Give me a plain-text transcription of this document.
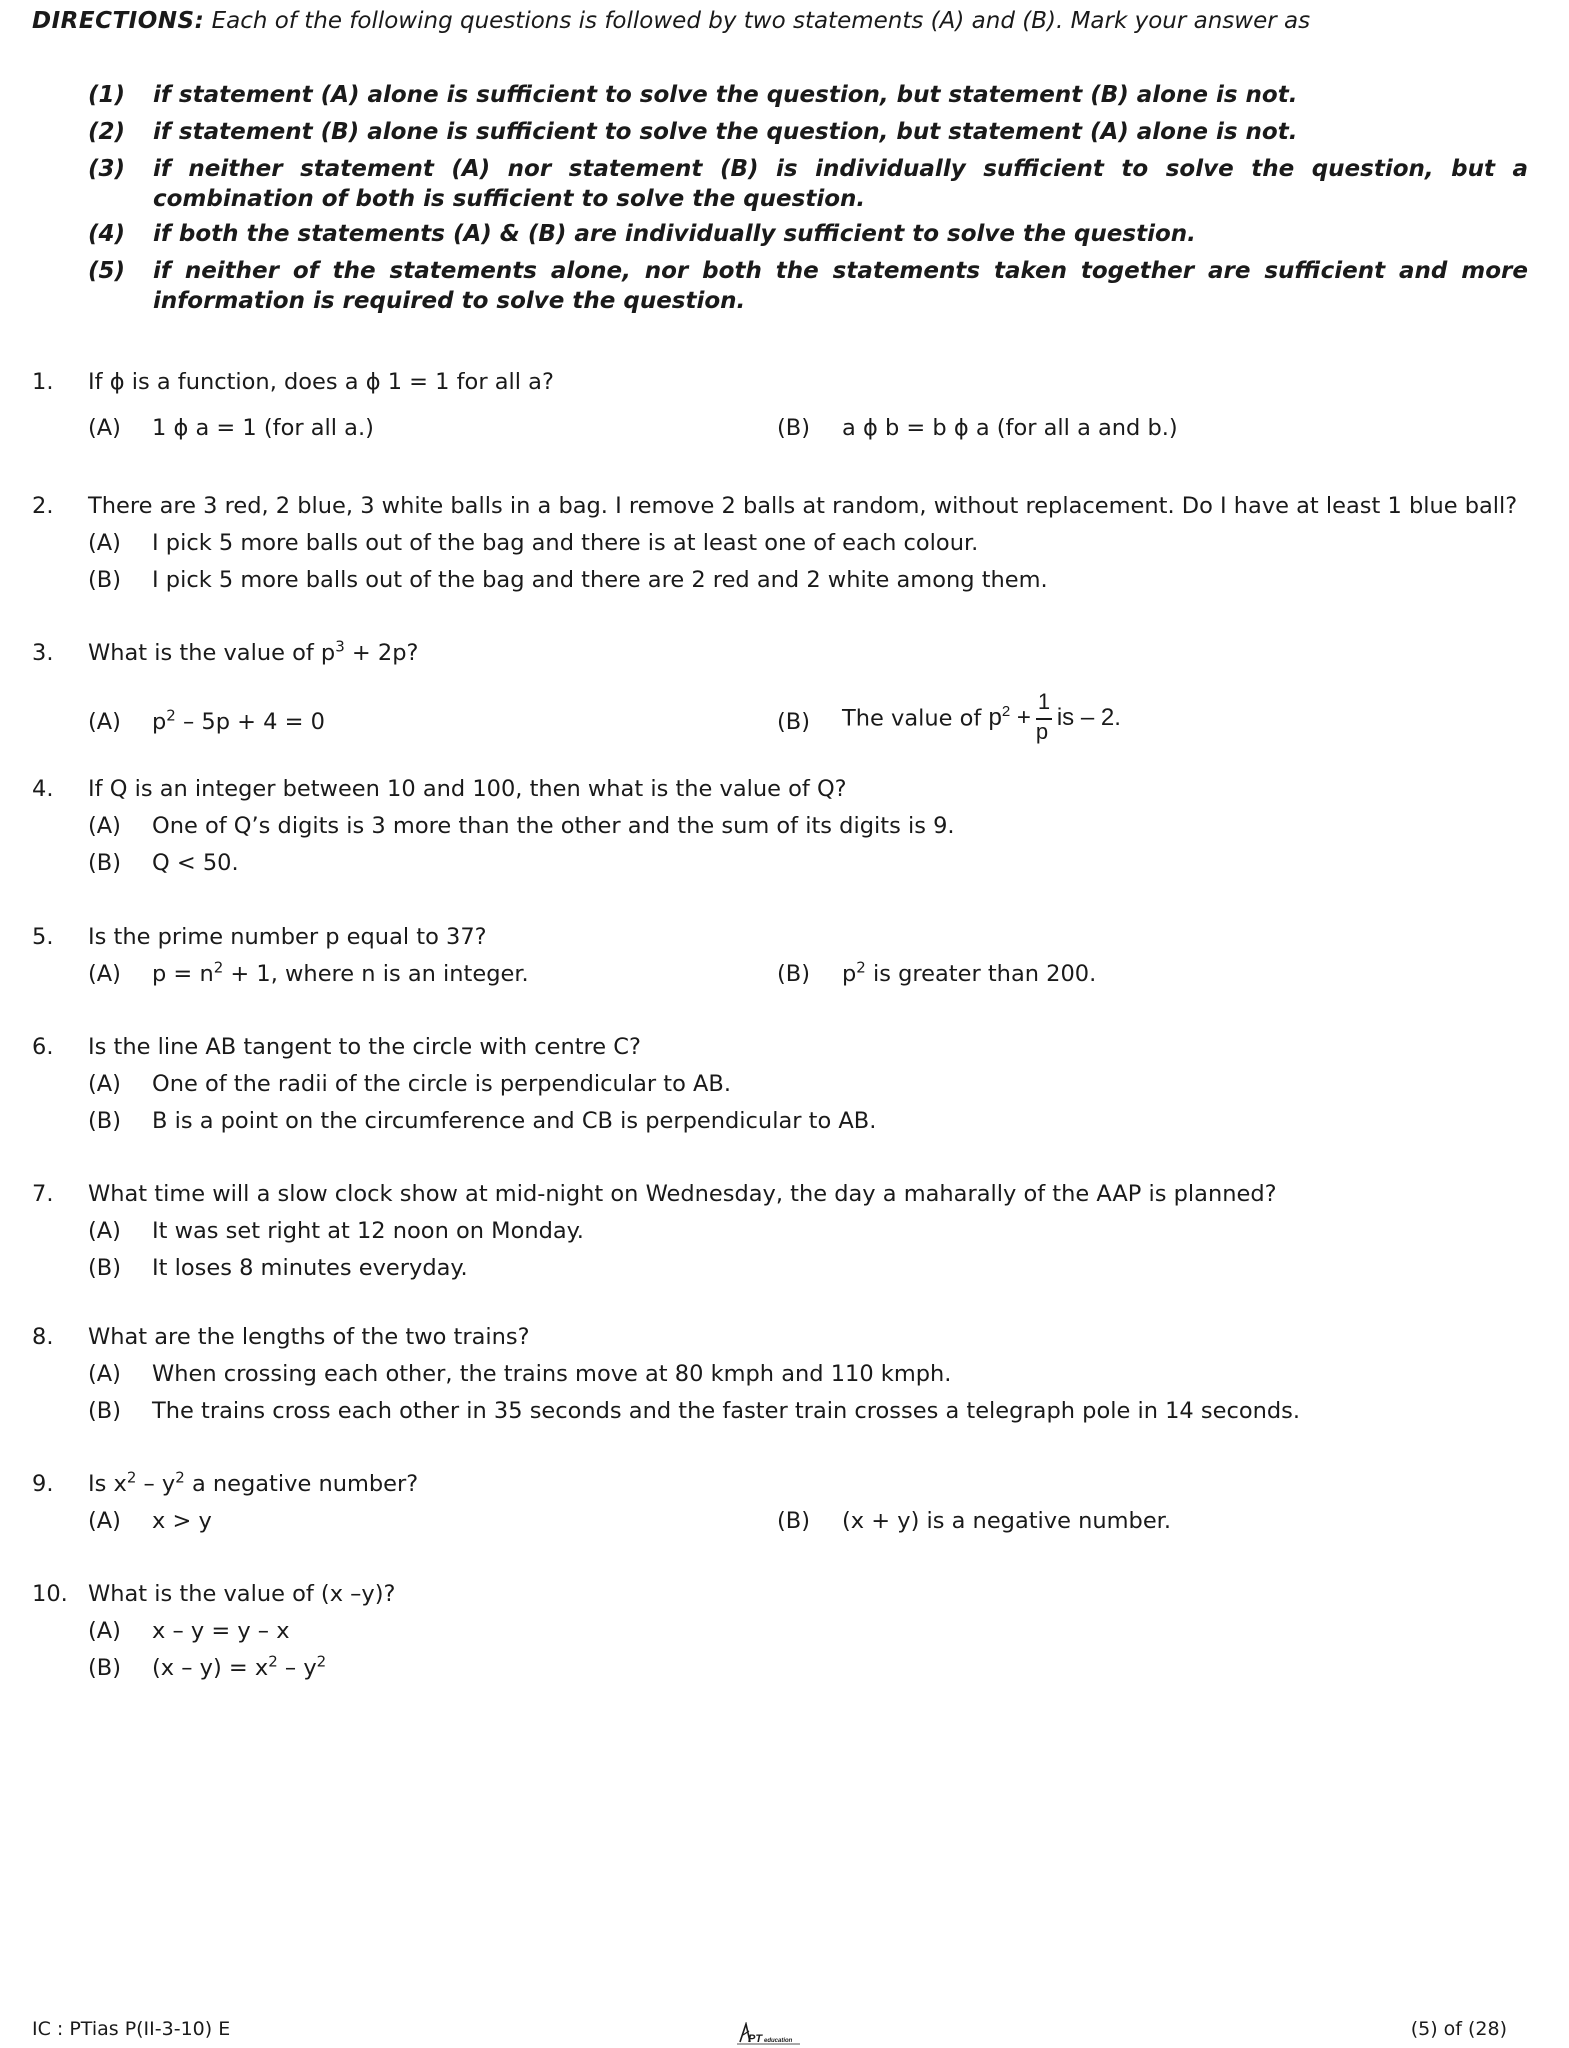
DIRECTIONS: Each of the following questions is followed by two statements (A) and (B). Mark your answer as
(1) if statement (A) alone is sufficient to solve the question, but statement (B) alone is not.
(2) if statement (B) alone is sufficient to solve the question, but statement (A) alone is not.
(3) if neither statement (A) nor statement (B) is individually sufficient to solve the question, but a combination of both is sufficient to solve the question.
(4) if both the statements (A) & (B) are individually sufficient to solve the question.
(5) if neither of the statements alone, nor both the statements taken together are sufficient and more information is required to solve the question.
1. If ϕ is a function, does a ϕ 1 = 1 for all a?
(A) 1 ϕ a = 1 (for all a.)	(B) a ϕ b = b ϕ a (for all a and b.)
2. There are 3 red, 2 blue, 3 white balls in a bag. I remove 2 balls at random, without replacement. Do I have at least 1 blue ball?
(A) I pick 5 more balls out of the bag and there is at least one of each colour.
(B) I pick 5 more balls out of the bag and there are 2 red and 2 white among them.
3. What is the value of $p^3 + 2p$?
(A) $p^2 - 5p + 4 = 0$	(B) The value of $p^2 + \frac{1}{p}$ is – 2.
4. If Q is an integer between 10 and 100, then what is the value of Q?
(A) One of Q’s digits is 3 more than the other and the sum of its digits is 9.
(B) Q < 50.
5. Is the prime number p equal to 37?
(A) $p = n^2 + 1$, where n is an integer.	(B) $p^2$ is greater than 200.
6. Is the line AB tangent to the circle with centre C?
(A) One of the radii of the circle is perpendicular to AB.
(B) B is a point on the circumference and CB is perpendicular to AB.
7. What time will a slow clock show at mid-night on Wednesday, the day a maharally of the AAP is planned?
(A) It was set right at 12 noon on Monday.
(B) It loses 8 minutes everyday.
8. What are the lengths of the two trains?
(A) When crossing each other, the trains move at 80 kmph and 110 kmph.
(B) The trains cross each other in 35 seconds and the faster train crosses a telegraph pole in 14 seconds.
9. Is $x^2 - y^2$ a negative number?
(A) x > y	(B) (x + y) is a negative number.
10. What is the value of (x –y)?
(A) x – y = y – x
(B) $(x - y) = x^2 - y^2$
IC : PTias P(II-3-10) E	PT education
(5) of (28)
